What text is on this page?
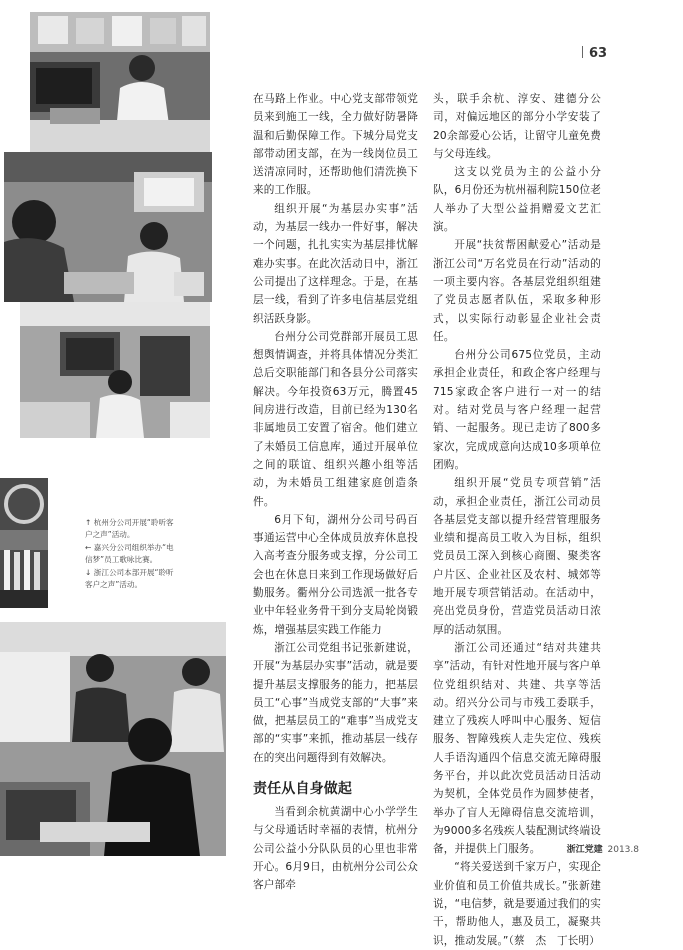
63
↑ 杭州分公司开展“聆听客户之声”活动。
← 嘉兴分公司组织举办“电信梦”员工歌咏比赛。
↓ 浙江公司本部开展“聆听客户之声”活动。

在马路上作业。中心党支部带领党员来到施工一线，全力做好防暑降温和后勤保障工作。下城分局党支部带动团支部，在为一线岗位员工送清凉同时，还帮助他们清洗换下来的工作服。

组织开展“为基层办实事”活动，为基层一线办一件好事，解决一个问题，扎扎实实为基层排忧解难办实事。在此次活动日中，浙江公司提出了这样理念。于是，在基层一线，看到了许多电信基层党组织活跃身影。

台州分公司党群部开展员工思想舆情调查，并将具体情况分类汇总后交职能部门和各县分公司落实解决。今年投资63万元，腾置45间房进行改造，目前已经为130名非属地员工安置了宿舍。他们建立了未婚员工信息库，通过开展单位之间的联谊、组织兴趣小组等活动，为未婚员工组建家庭创造条件。

6月下旬，湖州分公司号码百事通运营中心全体成员放弃休息投入高考查分服务或支撑，分公司工会也在休息日来到工作现场做好后勤服务。衢州分公司选派一批各专业中年轻业务骨干到分支局轮岗锻炼，增强基层实践工作能力

浙江公司党组书记张新建说，开展“为基层办实事”活动，就是要提升基层支撑服务的能力，把基层员工“心事”当成党支部的“大事”来做，把基层员工的“难事”当成党支部的“实事”来抓，推动基层一线存在的突出问题得到有效解决。

责任从自身做起

当看到余杭黄湖中心小学学生与父母通话时幸福的表情，杭州分公司公益小分队队员的心里也非常开心。6月9日，由杭州分公司公众客户部牵

头，联手余杭、淳安、建德分公司，对偏远地区的部分小学安装了20余部爱心公话，让留守儿童免费与父母连线。

这支以党员为主的公益小分队，6月份还为杭州福利院150位老人举办了大型公益捐赠爱文艺汇演。

开展“扶贫帮困献爱心”活动是浙江公司“万名党员在行动”活动的一项主要内容。各基层党组织组建了党员志愿者队伍，采取多种形式，以实际行动彰显企业社会责任。

台州分公司675位党员，主动承担企业责任，和政企客户经理与715家政企客户进行一对一的结对。结对党员与客户经理一起营销、一起服务。现已走访了800多家次，完成成意向达成10多项单位团购。

组织开展“党员专项营销”活动，承担企业责任，浙江公司动员各基层党支部以提升经营管理服务业绩和提高员工收入为目标，组织党员员工深入到核心商圈、聚类客户片区、企业社区及农村、城郊等地开展专项营销活动。在活动中，亮出党员身份，营造党员活动日浓厚的活动氛围。

浙江公司还通过“结对共建共享”活动，有针对性地开展与客户单位党组织结对、共建、共享等活动。绍兴分公司与市残工委联手，建立了残疾人呼叫中心服务、短信服务、智障残疾人走失定位、残疾人手语沟通四个信息交流无障碍服务平台，并以此次党员活动日活动为契机，全体党员作为圆梦使者，举办了盲人无障碍信息交流培训，为9000多名残疾人装配测试终端设备，并提供上门服务。

“将关爱送到千家万户，实现企业价值和员工价值共成长。”张新建说，“电信梦，就是要通过我们的实干，帮助他人，惠及员工，凝聚共识，推动发展。”（蔡　杰　丁长明）

浙江党建 2013.8
